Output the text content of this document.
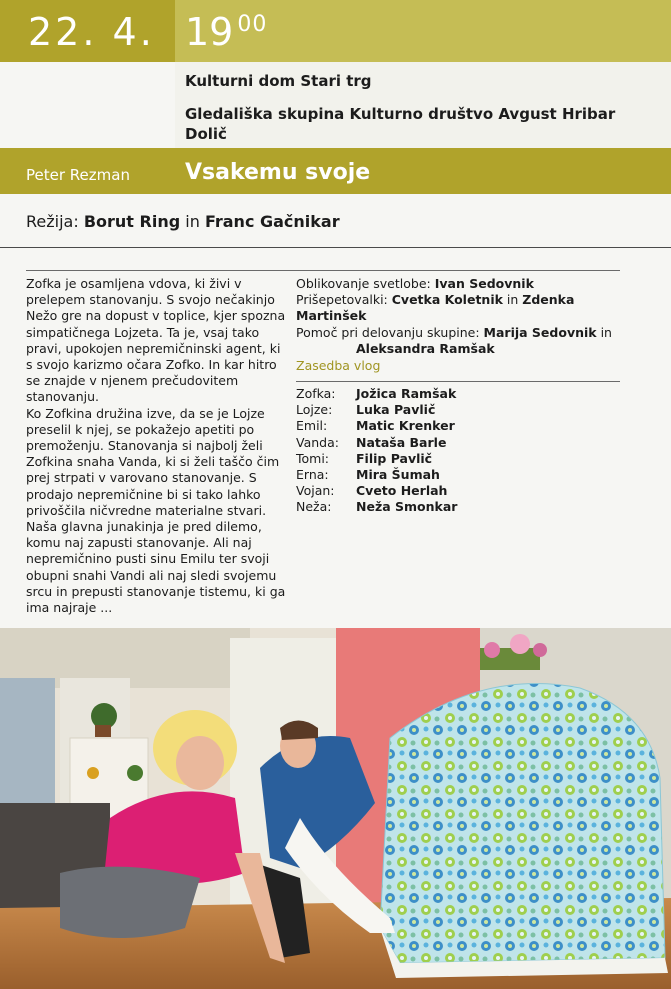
22. 4. 19 $^{00}$
Kulturni dom Stari trg
Gledališka skupina Kulturno društvo Avgust Hribar Dolič
Peter Rezman	Vsakemu svoje
Režija: Borut Ring in Franc Gačnikar

Zofka je osamljena vdova, ki živi v prelepem stanovanju. S svojo nečakinjo Nežo gre na dopust v toplice, kjer spozna simpatičnega Lojzeta. Ta je, vsaj tako pravi, upokojen nepremičninski agent, ki s svojo karizmo očara Zofko. In kar hitro se znajde v njenem prečudovitem stanovanju.

Ko Zofkina družina izve, da se je Lojze preselil k njej, se pokažejo apetiti po premoženju. Stanovanja si najbolj želi Zofkina snaha Vanda, ki si želi taščo čim prej strpati v varovano stanovanje. S prodajo nepremičnine bi si tako lahko privoščila ničvredne materialne stvari. Naša glavna junakinja je pred dilemo, komu naj zapusti stanovanje. Ali naj nepremičnino pusti sinu Emilu ter svoji obupni snahi Vandi ali naj sledi svojemu srcu in prepusti stanovanje tistemu, ki ga ima najraje ...

Oblikovanje svetlobe: Ivan Sedovnik
Prišepetovalki: Cvetka Koletnik in Zdenka Martinšek
Pomoč pri delovanju skupine: Marija Sedovnik in
Aleksandra Ramšak
Zasedba vlog
Zofka:	Jožica Ramšak
Lojze:	Luka Pavlič
Emil:	Matic Krenker
Vanda:	Nataša Barle
Tomi:	Filip Pavlič
Erna:	Mira Šumah
Vojan:	Cveto Herlah
Neža:	Neža Smonkar
